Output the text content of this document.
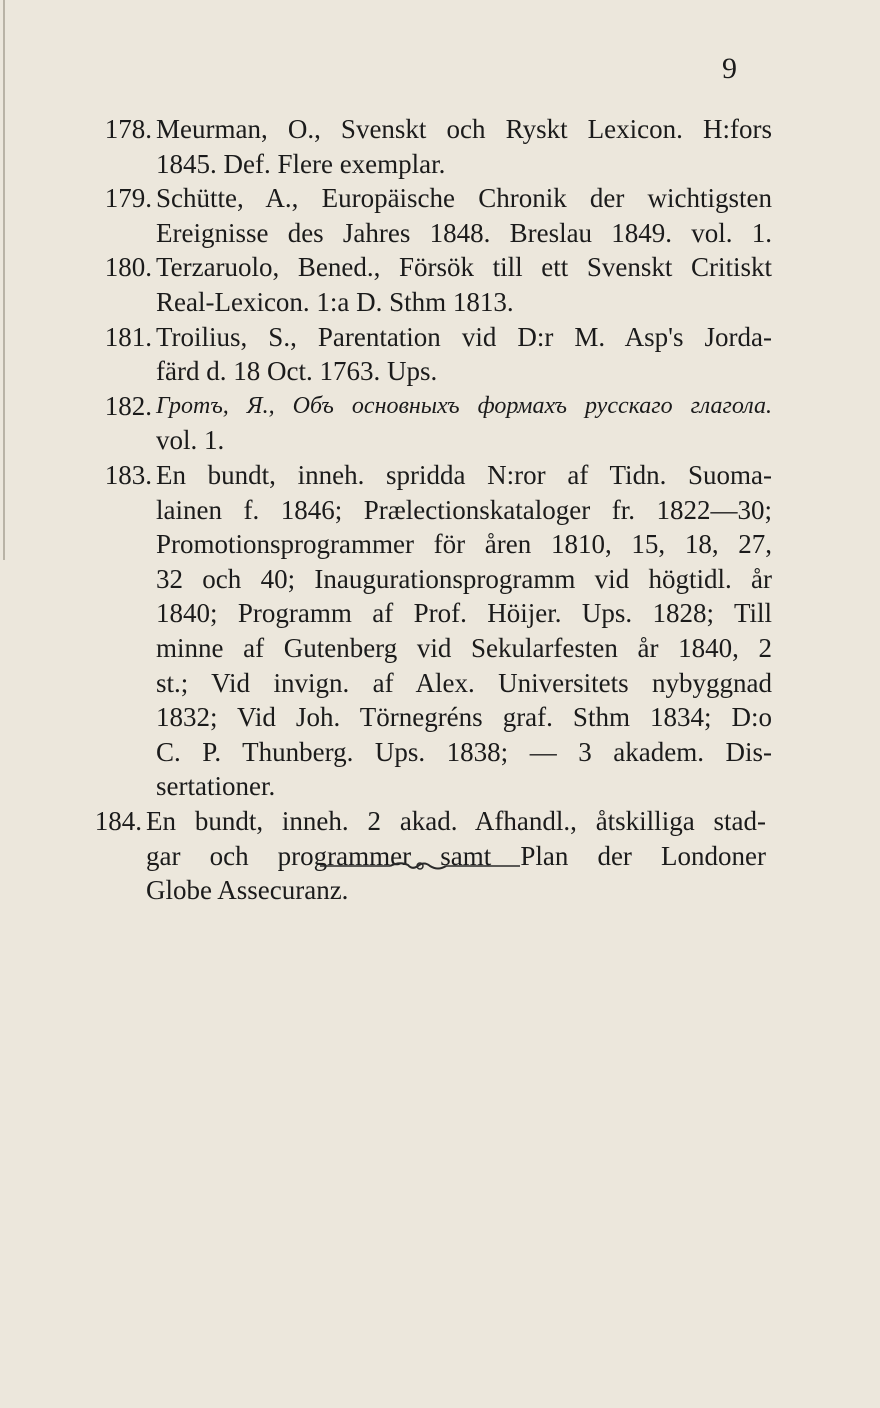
9
178. Meurman, O., Svenskt och Ryskt Lexicon. H:fors
1845. Def. Flere exemplar.
179. Schütte, A., Europäische Chronik der wichtigsten
Ereignisse des Jahres 1848. Breslau 1849. vol. 1.
180. Terzaruolo, Bened., Försök till ett Svenskt Critiskt
Real-Lexicon. 1:a D. Sthm 1813.
181. Troilius, S., Parentation vid D:r M. Asp's Jorda-
färd d. 18 Oct. 1763. Ups.
182. Гротъ, Я., Объ основныхъ формахъ русскаго глагола.
vol. 1.
183. En bundt, inneh. spridda N:ror af Tidn. Suoma-
lainen f. 1846; Prælectionskataloger fr. 1822—30;
Promotionsprogrammer för åren 1810, 15, 18, 27,
32 och 40; Inaugurationsprogramm vid högtidl. år
1840; Programm af Prof. Höijer. Ups. 1828; Till
minne af Gutenberg vid Sekularfesten år 1840, 2
st.; Vid invign. af Alex. Universitets nybyggnad
1832; Vid Joh. Törnegréns graf. Sthm 1834; D:o
C. P. Thunberg. Ups. 1838; — 3 akadem. Dis-
sertationer.
184. En bundt, inneh. 2 akad. Afhandl., åtskilliga stad-
gar och programmer samt Plan der Londoner
Globe Assecuranz.
